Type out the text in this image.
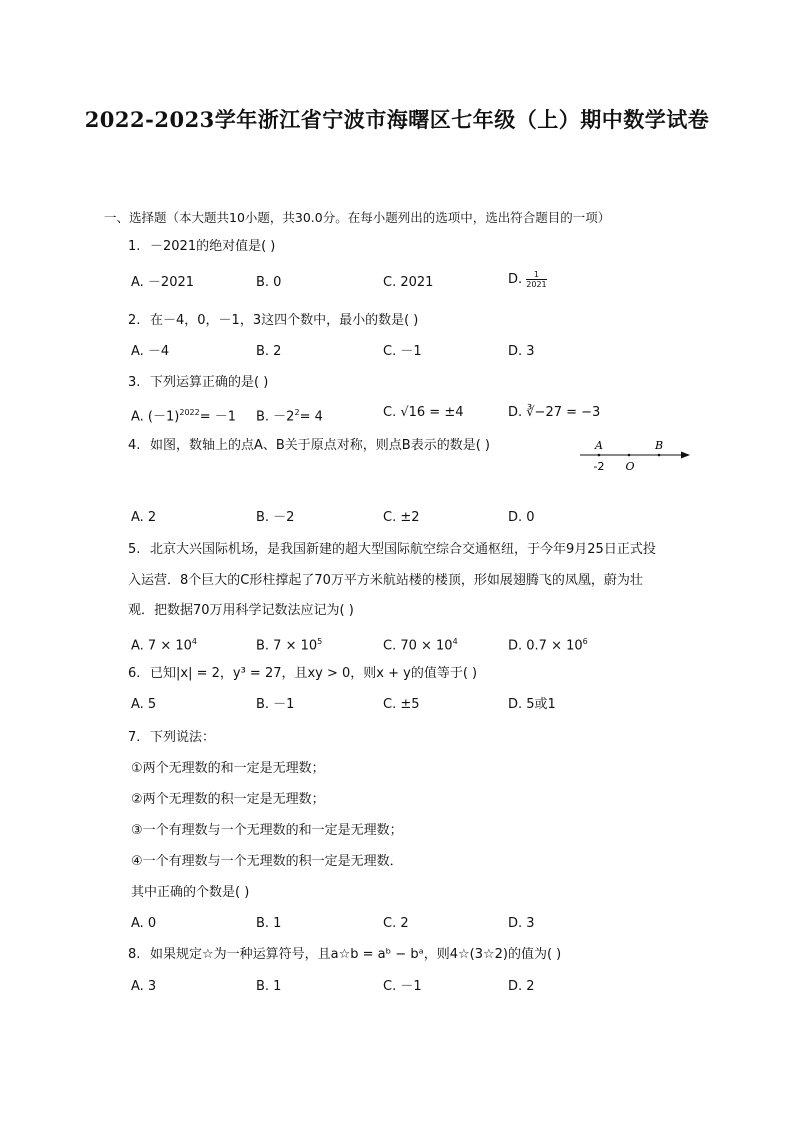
2022-2023学年浙江省宁波市海曙区七年级（上）期中数学试卷
一、选择题（本大题共10小题，共30.0分。在每小题列出的选项中，选出符合题目的一项）
1. －2021的绝对值是( )
A. －2021	B. 0	C. 2021	D. $\frac{1}{2021}$
2. 在－4，0，－1，3这四个数中，最小的数是( )
A. －4	B. 2	C. －1	D. 3
3. 下列运算正确的是( )
A. $(-1)^{2022}= -1$ B. $-2^2= 4$	C. √16 = ±4	D. ∛−27 = −3
4. 如图，数轴上的点A、B关于原点对称，则点B表示的数是( )	A	B
-2 O
A. 2	B. －2	C. ±2	D. 0
5. 北京大兴国际机场，是我国新建的超大型国际航空综合交通枢纽，于今年9月25日正式投
入运营．8个巨大的C形柱撑起了70万平方米航站楼的楼顶，形如展翅腾飞的凤凰，蔚为壮
观．把数据70万用科学记数法应记为( )
A. $7 \times 10^4$	B. $7 \times 10^5$	C. $70 \times 10^4$	D. $0.7 \times 10^6$
6. 已知|x| = 2，y³ = 27，且xy > 0，则x + y的值等于( )
A. 5	B. －1	C. ±5	D. 5或1
7. 下列说法：
①两个无理数的和一定是无理数；
②两个无理数的积一定是无理数；
③一个有理数与一个无理数的和一定是无理数；
④一个有理数与一个无理数的积一定是无理数．
其中正确的个数是( )
A. 0	B. 1	C. 2	D. 3
8. 如果规定☆为一种运算符号，且a☆b = aᵇ − bᵃ，则4☆(3☆2)的值为( )
A. 3	B. 1	C. －1	D. 2
